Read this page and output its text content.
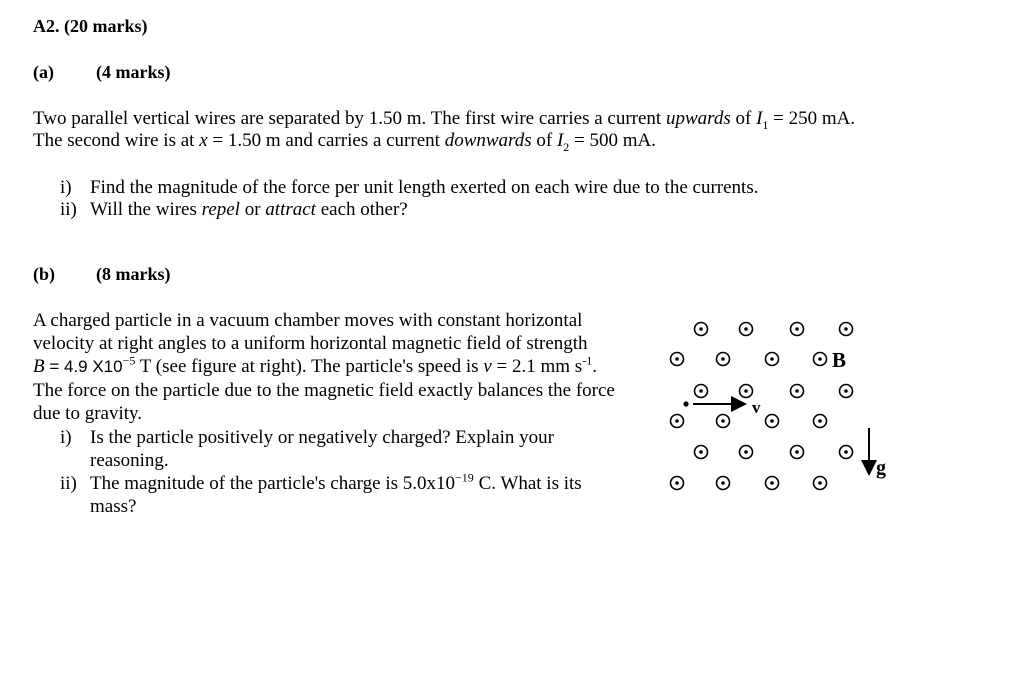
A2. (20 marks)
(a) (4 marks)
Two parallel vertical wires are separated by 1.50 m. The first wire carries a current upwards of $I_1 = 250$ mA.
The second wire is at x = 1.50 m and carries a current downwards of $I_2 = 500$ mA.
i) Find the magnitude of the force per unit length exerted on each wire due to the currents.
ii) Will the wires repel or attract each other?
(b) (8 marks)
A charged particle in a vacuum chamber moves with constant horizontal
velocity at right angles to a uniform horizontal magnetic field of strength
B = 4.9 $X10^{-5}$ T (see figure at right). The particle's speed is v = 2.1 mm $s^{-1}$.
The force on the particle due to the magnetic field exactly balances the force
due to gravity.
i) Is the particle positively or negatively charged? Explain your
reasoning.
ii) The magnitude of the particle's charge is $5.0x10^{-19}$ C. What is its
mass?
v
B
g
